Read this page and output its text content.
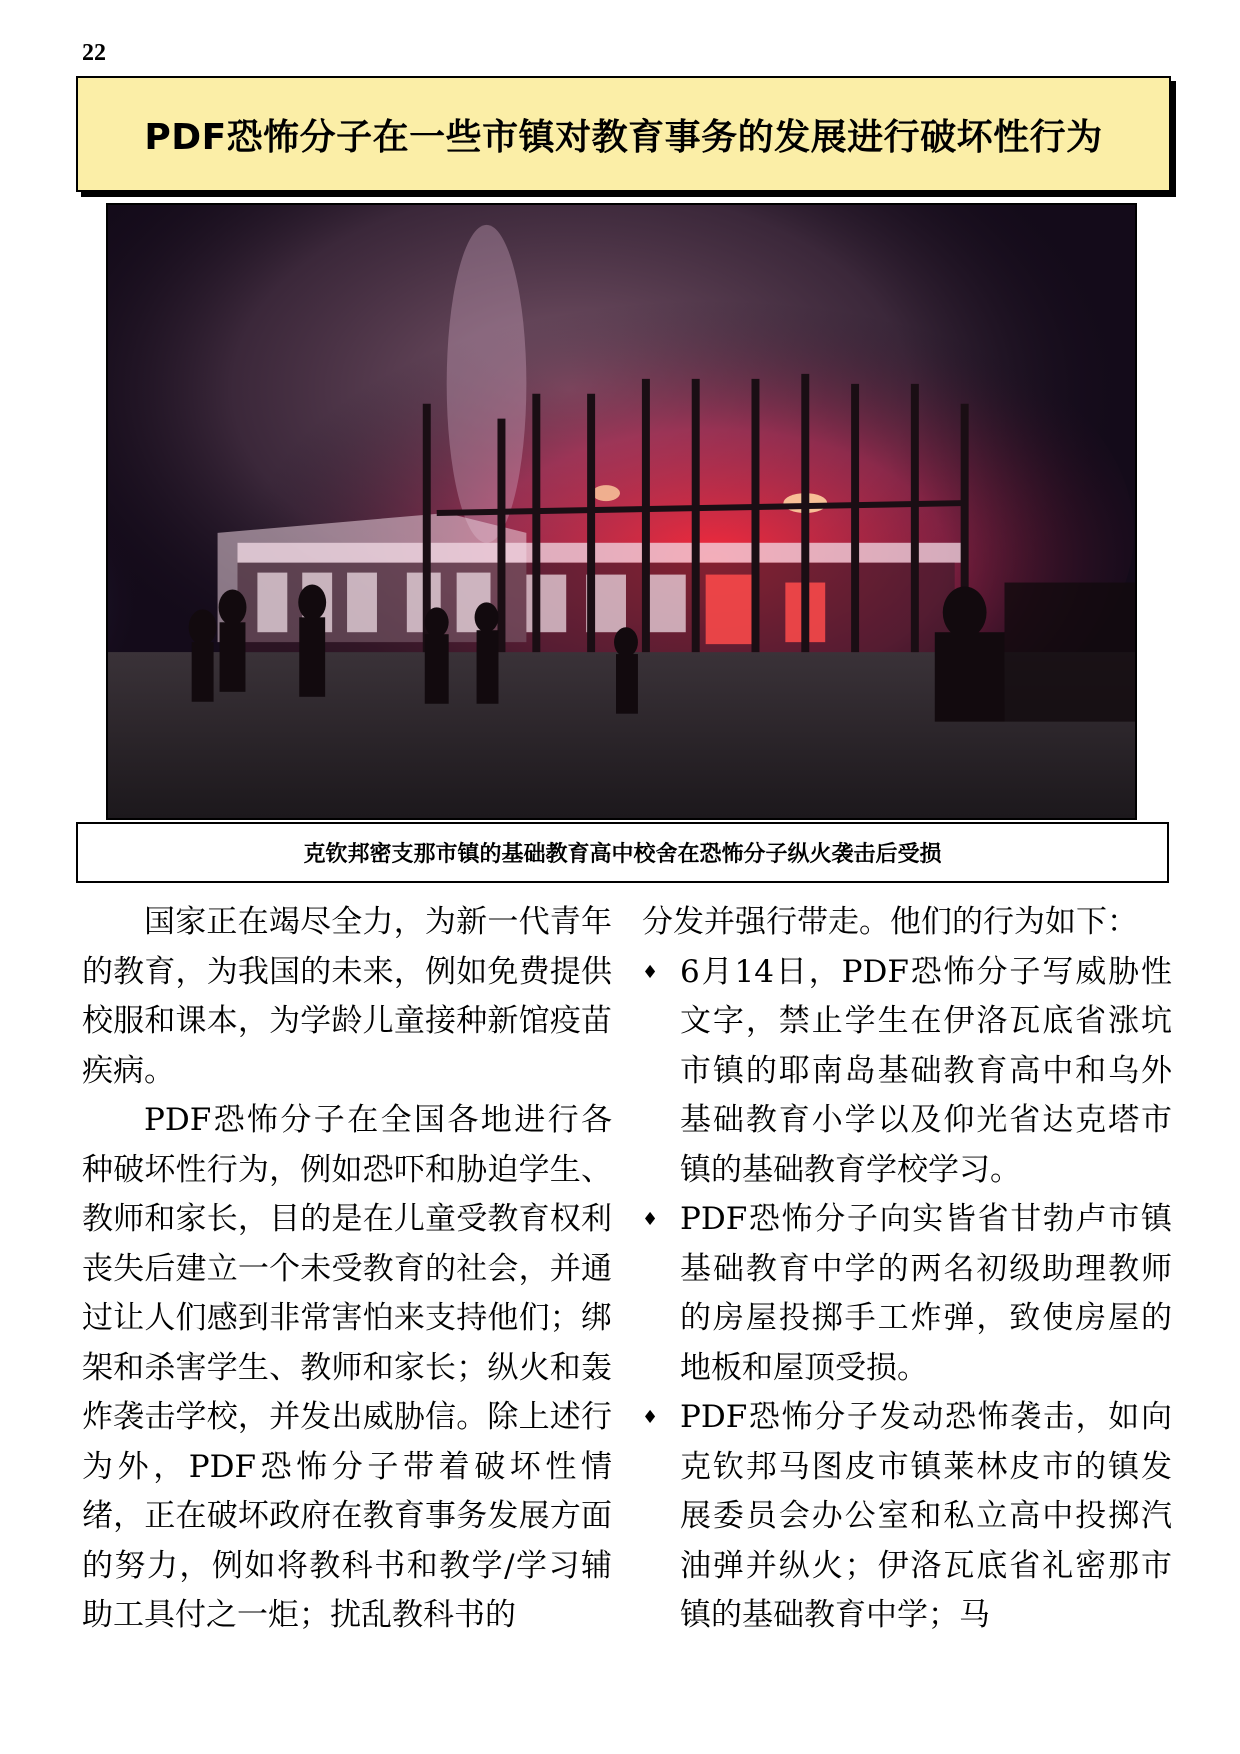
22
PDF恐怖分子在一些市镇对教育事务的发展进行破坏性行为
克钦邦密支那市镇的基础教育高中校舍在恐怖分子纵火袭击后受损

国家正在竭尽全力，为新一代青年的教育，为我国的未来，例如免费提供校服和课本，为学龄儿童接种新馆疫苗疾病。

PDF恐怖分子在全国各地进行各种破坏性行为，例如恐吓和胁迫学生、教师和家长，目的是在儿童受教育权利丧失后建立一个未受教育的社会，并通过让人们感到非常害怕来支持他们；绑架和杀害学生、教师和家长；纵火和轰炸袭击学校，并发出威胁信。除上述行为外，PDF恐怖分子带着破坏性情绪，正在破坏政府在教育事务发展方面的努力，例如将教科书和教学/学习辅助工具付之一炬；扰乱教科书的

分发并强行带走。他们的行为如下：

♦ 6月14日，PDF恐怖分子写威胁性文字，禁止学生在伊洛瓦底省涨坑市镇的耶南岛基础教育高中和乌外基础教育小学以及仰光省达克塔市镇的基础教育学校学习。
♦ PDF恐怖分子向实皆省甘勃卢市镇基础教育中学的两名初级助理教师的房屋投掷手工炸弹，致使房屋的地板和屋顶受损。
♦ PDF恐怖分子发动恐怖袭击，如向克钦邦马图皮市镇莱林皮市的镇发展委员会办公室和私立高中投掷汽油弹并纵火；伊洛瓦底省礼密那市镇的基础教育中学；马
